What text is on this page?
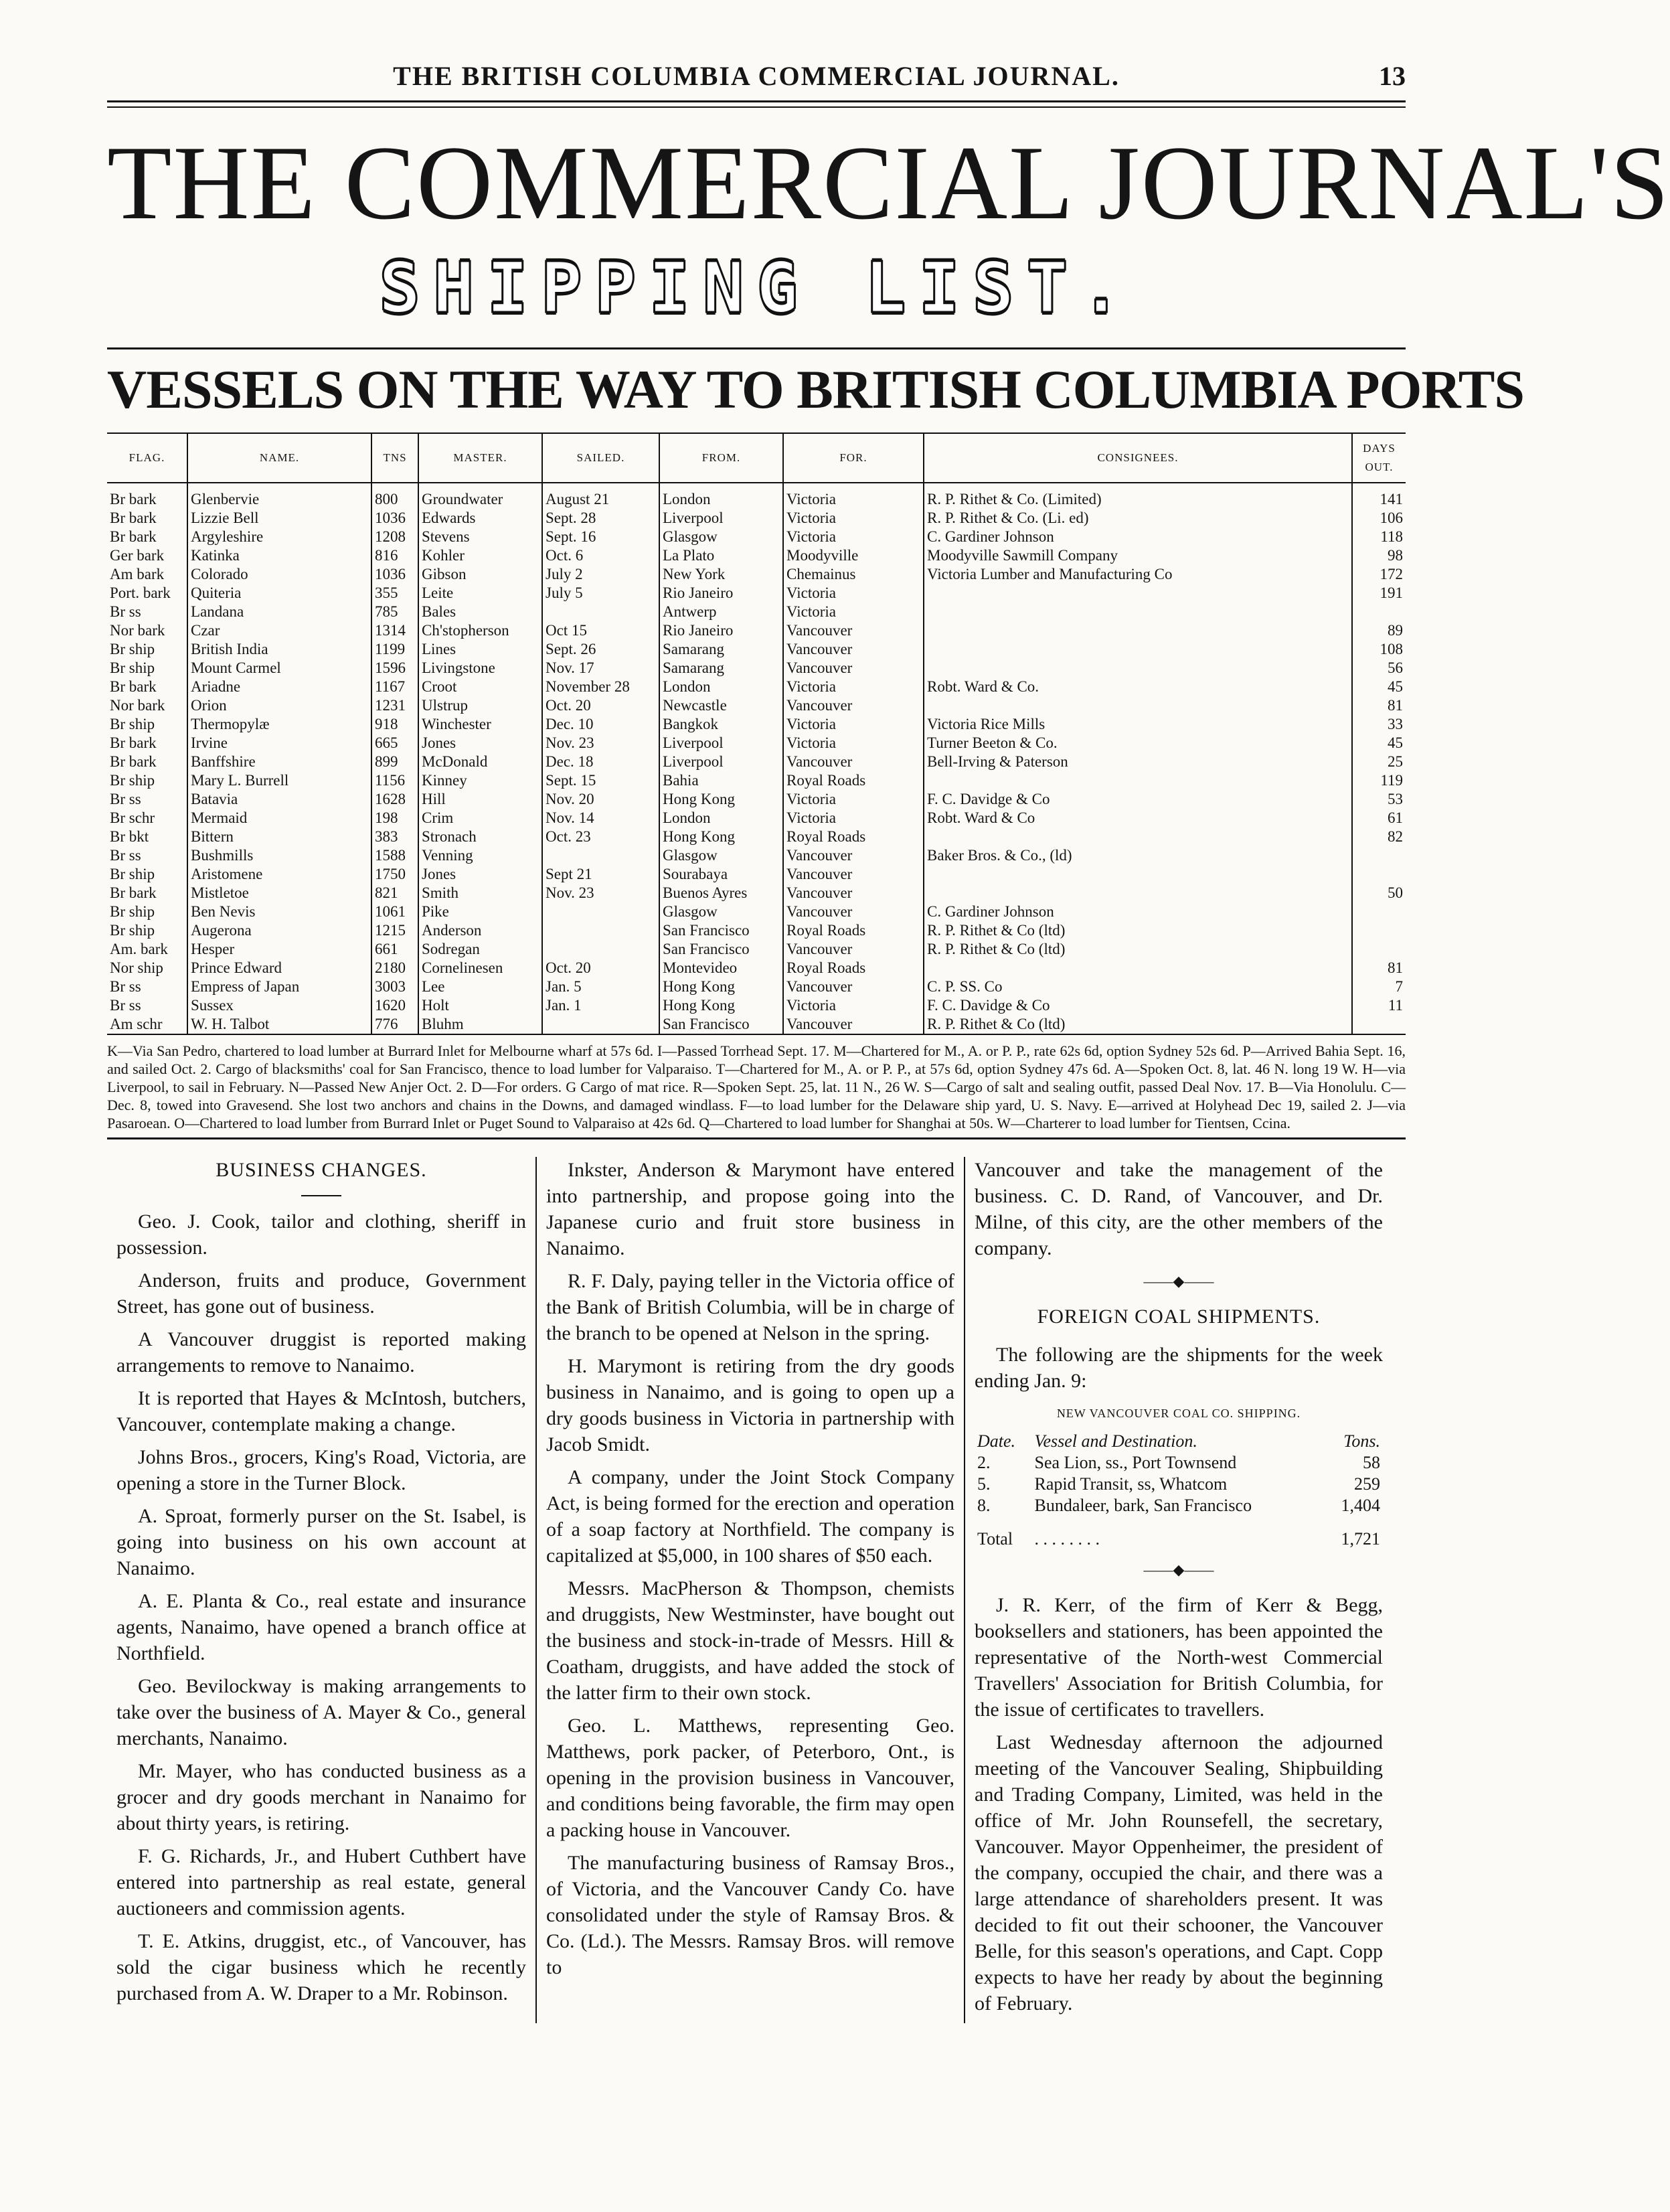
THE BRITISH COLUMBIA COMMERCIAL JOURNAL.	13
THE COMMERCIAL JOURNAL'S
SHIPPING LIST.
VESSELS ON THE WAY TO BRITISH COLUMBIA PORTS
FLAG.	NAME.	TNS	MASTER.	SAILED.	FROM.	FOR.	CONSIGNEES.	DAYS OUT.
Br bark	Glenbervie	800	Groundwater	August 21	London	Victoria	R. P. Rithet & Co. (Limited)	141
Br bark	Lizzie Bell	1036	Edwards	Sept. 28	Liverpool	Victoria	R. P. Rithet & Co. (Li. ed)	106
Br bark	Argyleshire	1208	Stevens	Sept. 16	Glasgow	Victoria	C. Gardiner Johnson	118
Ger bark	Katinka	816	Kohler	Oct. 6	La Plato	Moodyville	Moodyville Sawmill Company	98
Am bark	Colorado	1036	Gibson	July 2	New York	Chemainus	Victoria Lumber and Manufacturing Co	172
Port. bark	Quiteria	355	Leite	July 5	Rio Janeiro	Victoria		191
Br ss	Landana	785	Bales		Antwerp	Victoria		
Nor bark	Czar	1314	Ch'stopherson	Oct 15	Rio Janeiro	Vancouver		89
Br ship	British India	1199	Lines	Sept. 26	Samarang	Vancouver		108
Br ship	Mount Carmel	1596	Livingstone	Nov. 17	Samarang	Vancouver		56
Br bark	Ariadne	1167	Croot	November 28	London	Victoria	Robt. Ward & Co.	45
Nor bark	Orion	1231	Ulstrup	Oct. 20	Newcastle	Vancouver		81
Br ship	Thermopylæ	918	Winchester	Dec. 10	Bangkok	Victoria	Victoria Rice Mills	33
Br bark	Irvine	665	Jones	Nov. 23	Liverpool	Victoria	Turner Beeton & Co.	45
Br bark	Banffshire	899	McDonald	Dec. 18	Liverpool	Vancouver	Bell-Irving & Paterson	25
Br ship	Mary L. Burrell	1156	Kinney	Sept. 15	Bahia	Royal Roads		119
Br ss	Batavia	1628	Hill	Nov. 20	Hong Kong	Victoria	F. C. Davidge & Co	53
Br schr	Mermaid	198	Crim	Nov. 14	London	Victoria	Robt. Ward & Co	61
Br bkt	Bittern	383	Stronach	Oct. 23	Hong Kong	Royal Roads		82
Br ss	Bushmills	1588	Venning		Glasgow	Vancouver	Baker Bros. & Co., (ld)	
Br ship	Aristomene	1750	Jones	Sept 21	Sourabaya	Vancouver		
Br bark	Mistletoe	821	Smith	Nov. 23	Buenos Ayres	Vancouver		50
Br ship	Ben Nevis	1061	Pike		Glasgow	Vancouver	C. Gardiner Johnson	
Br ship	Augerona	1215	Anderson		San Francisco	Royal Roads	R. P. Rithet & Co (ltd)	
Am. bark	Hesper	661	Sodregan		San Francisco	Vancouver	R. P. Rithet & Co (ltd)	
Nor ship	Prince Edward	2180	Cornelinesen	Oct. 20	Montevideo	Royal Roads		81
Br ss	Empress of Japan	3003	Lee	Jan. 5	Hong Kong	Vancouver	C. P. SS. Co	7
Br ss	Sussex	1620	Holt	Jan. 1	Hong Kong	Victoria	F. C. Davidge & Co	11
Am schr	W. H. Talbot	776	Bluhm		San Francisco	Vancouver	R. P. Rithet & Co (ltd)	
K—Via San Pedro, chartered to load lumber at Burrard Inlet for Melbourne wharf at 57s 6d. I—Passed Torrhead Sept. 17. M—Chartered for M., A. or P. P., rate 62s 6d, option Sydney 52s 6d. P—Arrived Bahia Sept. 16, and sailed Oct. 2. Cargo of blacksmiths' coal for San Francisco, thence to load lumber for Valparaiso. T—Chartered for M., A. or P. P., at 57s 6d, option Sydney 47s 6d. A—Spoken Oct. 8, lat. 46 N. long 19 W. H—via Liverpool, to sail in February. N—Passed New Anjer Oct. 2. D—For orders. G Cargo of mat rice. R—Spoken Sept. 25, lat. 11 N., 26 W. S—Cargo of salt and sealing outfit, passed Deal Nov. 17. B—Via Honolulu. C—Dec. 8, towed into Gravesend. She lost two anchors and chains in the Downs, and damaged windlass. F—to load lumber for the Delaware ship yard, U. S. Navy. E—arrived at Holyhead Dec 19, sailed 2. J—via Pasaroean. O—Chartered to load lumber from Burrard Inlet or Puget Sound to Valparaiso at 42s 6d. Q—Chartered to load lumber for Shanghai at 50s. W—Charterer to load lumber for Tientsen, Ccina.
BUSINESS CHANGES.

Geo. J. Cook, tailor and clothing, sheriff in possession.

Anderson, fruits and produce, Government Street, has gone out of business.

A Vancouver druggist is reported making arrangements to remove to Nanaimo.

It is reported that Hayes & McIntosh, butchers, Vancouver, contemplate making a change.

Johns Bros., grocers, King's Road, Victoria, are opening a store in the Turner Block.

A. Sproat, formerly purser on the St. Isabel, is going into business on his own account at Nanaimo.

A. E. Planta & Co., real estate and insurance agents, Nanaimo, have opened a branch office at Northfield.

Geo. Bevilockway is making arrangements to take over the business of A. Mayer & Co., general merchants, Nanaimo.

Mr. Mayer, who has conducted business as a grocer and dry goods merchant in Nanaimo for about thirty years, is retiring.

F. G. Richards, Jr., and Hubert Cuthbert have entered into partnership as real estate, general auctioneers and commission agents.

T. E. Atkins, druggist, etc., of Vancouver, has sold the cigar business which he recently purchased from A. W. Draper to a Mr. Robinson.

Inkster, Anderson & Marymont have entered into partnership, and propose going into the Japanese curio and fruit store business in Nanaimo.

R. F. Daly, paying teller in the Victoria office of the Bank of British Columbia, will be in charge of the branch to be opened at Nelson in the spring.

H. Marymont is retiring from the dry goods business in Nanaimo, and is going to open up a dry goods business in Victoria in partnership with Jacob Smidt.

A company, under the Joint Stock Company Act, is being formed for the erection and operation of a soap factory at Northfield. The company is capitalized at $5,000, in 100 shares of $50 each.

Messrs. MacPherson & Thompson, chemists and druggists, New Westminster, have bought out the business and stock-in-trade of Messrs. Hill & Coatham, druggists, and have added the stock of the latter firm to their own stock.

Geo. L. Matthews, representing Geo. Matthews, pork packer, of Peterboro, Ont., is opening in the provision business in Vancouver, and conditions being favorable, the firm may open a packing house in Vancouver.

The manufacturing business of Ramsay Bros., of Victoria, and the Vancouver Candy Co. have consolidated under the style of Ramsay Bros. & Co. (Ld.). The Messrs. Ramsay Bros. will remove to

Vancouver and take the management of the business. C. D. Rand, of Vancouver, and Dr. Milne, of this city, are the other members of the company.

——◆——
FOREIGN COAL SHIPMENTS.

The following are the shipments for the week ending Jan. 9:

NEW VANCOUVER COAL CO. SHIPPING.
Date.	Vessel and Destination.	Tons.
2.	Sea Lion, ss., Port Townsend	58
5.	Rapid Transit, ss, Whatcom	259
8.	Bundaleer, bark, San Francisco	1,404
Total	. . . . . . . .	1,721
——◆——

J. R. Kerr, of the firm of Kerr & Begg, booksellers and stationers, has been appointed the representative of the North-west Commercial Travellers' Association for British Columbia, for the issue of certificates to travellers.

Last Wednesday afternoon the adjourned meeting of the Vancouver Sealing, Shipbuilding and Trading Company, Limited, was held in the office of Mr. John Rounsefell, the secretary, Vancouver. Mayor Oppenheimer, the president of the company, occupied the chair, and there was a large attendance of shareholders present. It was decided to fit out their schooner, the Vancouver Belle, for this season's operations, and Capt. Copp expects to have her ready by about the beginning of February.
